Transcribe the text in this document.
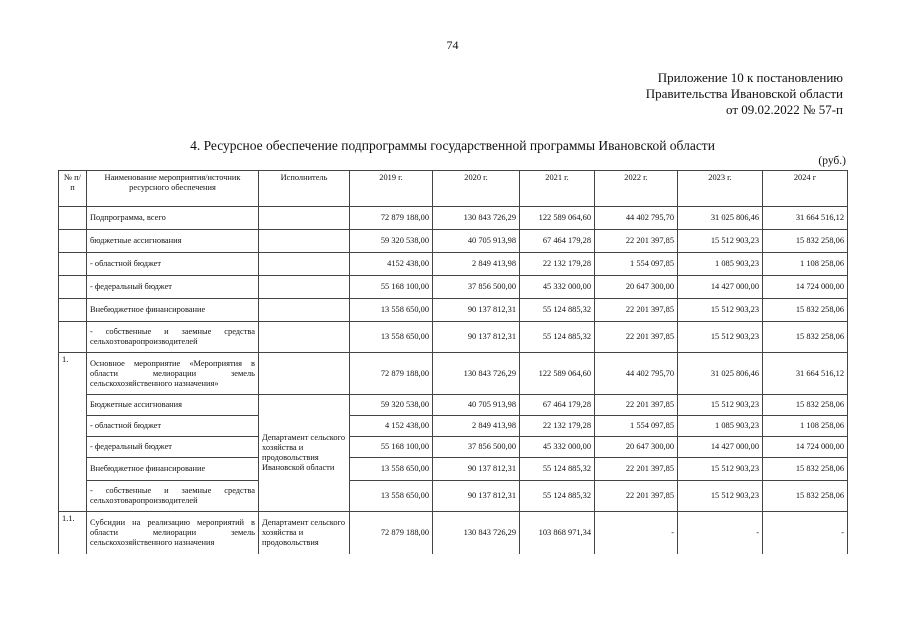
74
Приложение 10 к постановлению
Правительства Ивановской области
от 09.02.2022 № 57-п
4. Ресурсное обеспечение подпрограммы государственной программы Ивановской области
(руб.)
№ п/п	Наименование мероприятия/источник ресурсного обеспечения	Исполнитель	2019 г.	2020 г.	2021 г.	2022 г.	2023 г.	2024 г
	Подпрограмма, всего		72 879 188,00	130 843 726,29	122 589 064,60	44 402 795,70	31 025 806,46	31 664 516,12
	бюджетные ассигнования		59 320 538,00	40 705 913,98	67 464 179,28	22 201 397,85	15 512 903,23	15 832 258,06
	- областной бюджет		4152 438,00	2 849 413,98	22 132 179,28	1 554 097,85	1 085 903,23	1 108 258,06
	- федеральный бюджет		55 168 100,00	37 856 500,00	45 332 000,00	20 647 300,00	14 427 000,00	14 724 000,00
	Внебюджетное финансирование		13 558 650,00	90 137 812,31	55 124 885,32	22 201 397,85	15 512 903,23	15 832 258,06
	- собственные и заемные средства сельхозтоваропроизводителей		13 558 650,00	90 137 812,31	55 124 885,32	22 201 397,85	15 512 903,23	15 832 258,06
1.	Основное мероприятие «Мероприятия в области мелиорации земель сельскохозяйственного назначения»		72 879 188,00	130 843 726,29	122 589 064,60	44 402 795,70	31 025 806,46	31 664 516,12
	Бюджетные ассигнования	Департамент сельского хозяйства и продовольствия Ивановской области	59 320 538,00	40 705 913,98	67 464 179,28	22 201 397,85	15 512 903,23	15 832 258,06
	- областной бюджет		4 152 438,00	2 849 413,98	22 132 179,28	1 554 097,85	1 085 903,23	1 108 258,06
	- федеральный бюджет		55 168 100,00	37 856 500,00	45 332 000,00	20 647 300,00	14 427 000,00	14 724 000,00
	Внебюджетное финансирование		13 558 650,00	90 137 812,31	55 124 885,32	22 201 397,85	15 512 903,23	15 832 258,06
	- собственные и заемные средства сельхозтоваропроизводителей		13 558 650,00	90 137 812,31	55 124 885,32	22 201 397,85	15 512 903,23	15 832 258,06
1.1.	Субсидии на реализацию мероприятий в области мелиорации земель сельскохозяйственного назначения	Департамент сельского хозяйства и продовольствия	72 879 188,00	130 843 726,29	103 868 971,34	-	-	-
